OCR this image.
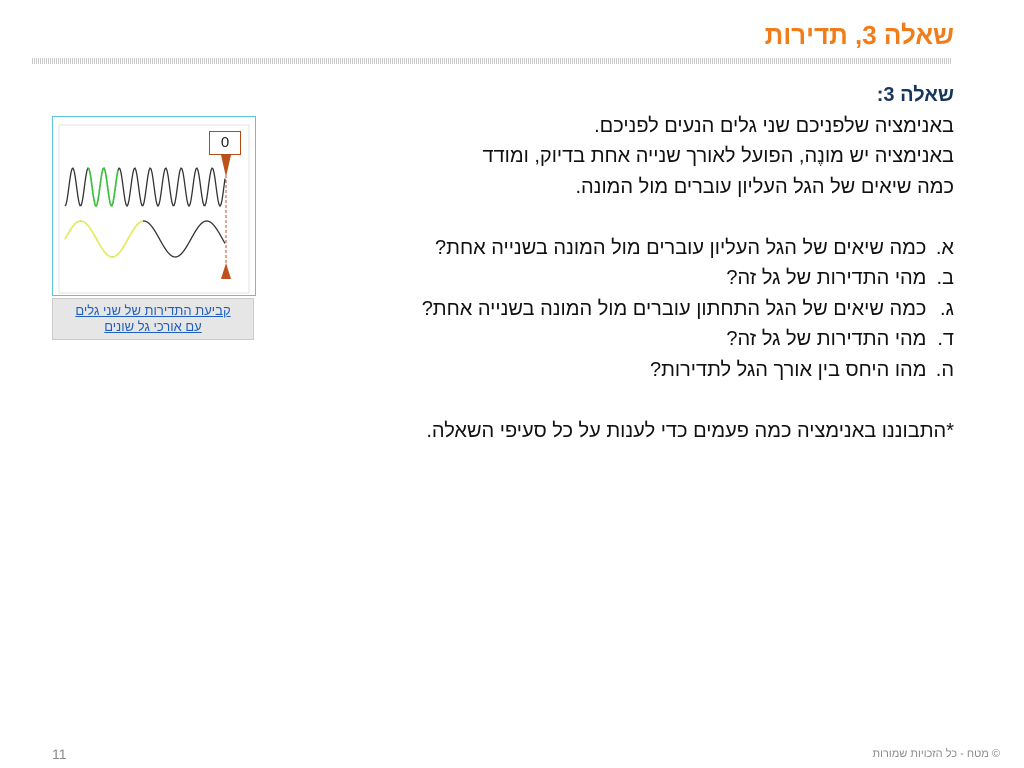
שאלה 3, תדירות
שאלה 3:
באנימציה שלפניכם שני גלים הנעים לפניכם.
באנימציה יש מונֶה, הפועל לאורך שנייה אחת בדיוק, ומודד
כמה שיאים של הגל העליון עוברים מול המונה.
א. כמה שיאים של הגל העליון עוברים מול המונה בשנייה אחת?
ב. מהי התדירות של גל זה?
ג. כמה שיאים של הגל התחתון עוברים מול המונה בשנייה אחת?
ד. מהי התדירות של גל זה?
ה. מהו היחס בין אורך הגל לתדירות?
*התבוננו באנימציה כמה פעמים כדי לענות על כל סעיפי השאלה.
0
קביעת התדירות של שני גלים עם אורכי גל שונים
11	© מטח - כל הזכויות שמורות
